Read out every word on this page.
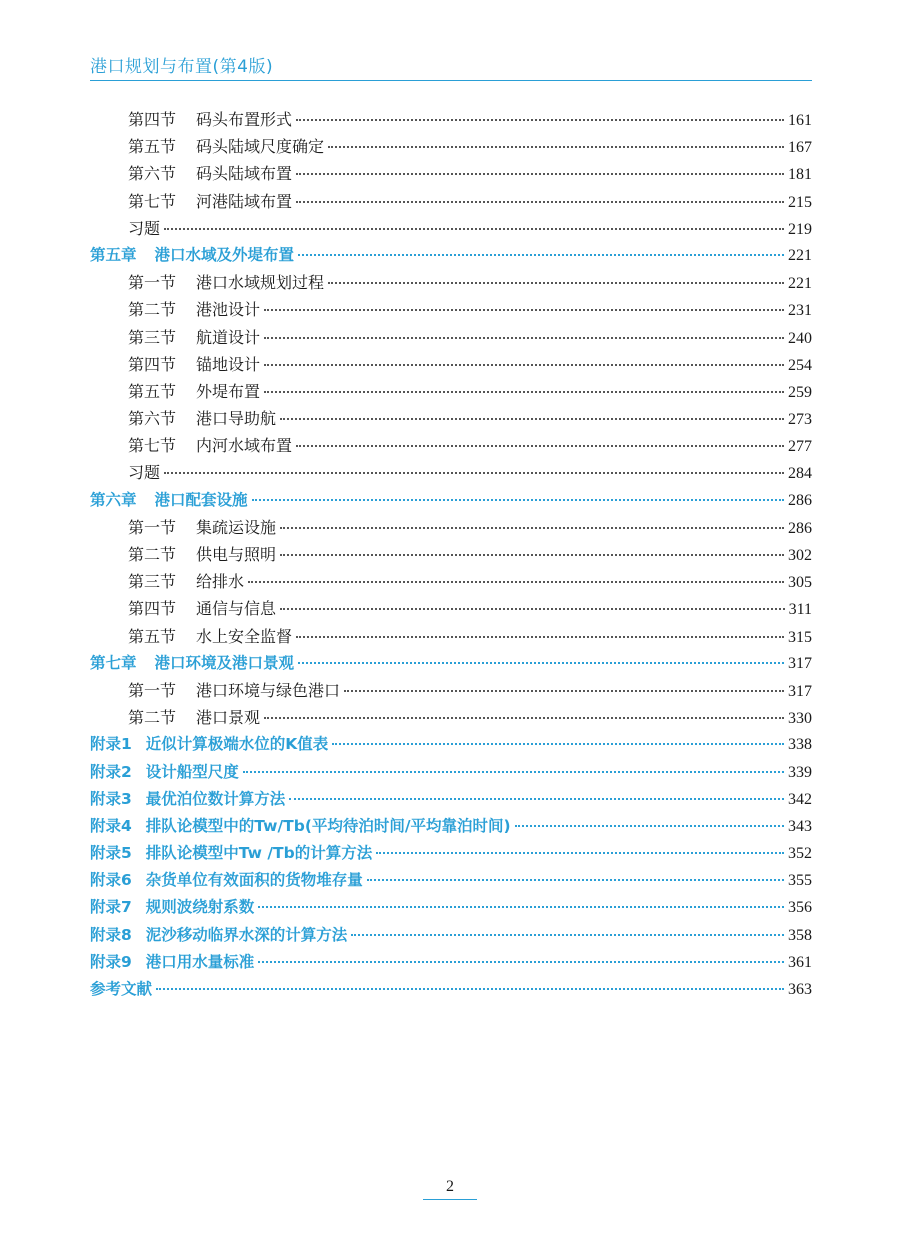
港口规划与布置(第4版)
第四节 码头布置形式	161
第五节 码头陆域尺度确定	167
第六节 码头陆域布置	181
第七节 河港陆域布置	215
习题	219
第五章 港口水域及外堤布置	221
第一节 港口水域规划过程	221
第二节 港池设计	231
第三节 航道设计	240
第四节 锚地设计	254
第五节 外堤布置	259
第六节 港口导助航	273
第七节 内河水域布置	277
习题	284
第六章 港口配套设施	286
第一节 集疏运设施	286
第二节 供电与照明	302
第三节 给排水	305
第四节 通信与信息	311
第五节 水上安全监督	315
第七章 港口环境及港口景观	317
第一节 港口环境与绿色港口	317
第二节 港口景观	330
附录1 近似计算极端水位的K值表	338
附录2 设计船型尺度	339
附录3 最优泊位数计算方法	342
附录4 排队论模型中的Tw/Tb(平均待泊时间/平均靠泊时间)	343
附录5 排队论模型中Tw /Tb的计算方法	352
附录6 杂货单位有效面积的货物堆存量	355
附录7 规则波绕射系数	356
附录8 泥沙移动临界水深的计算方法	358
附录9 港口用水量标准	361
参考文献	363
2
